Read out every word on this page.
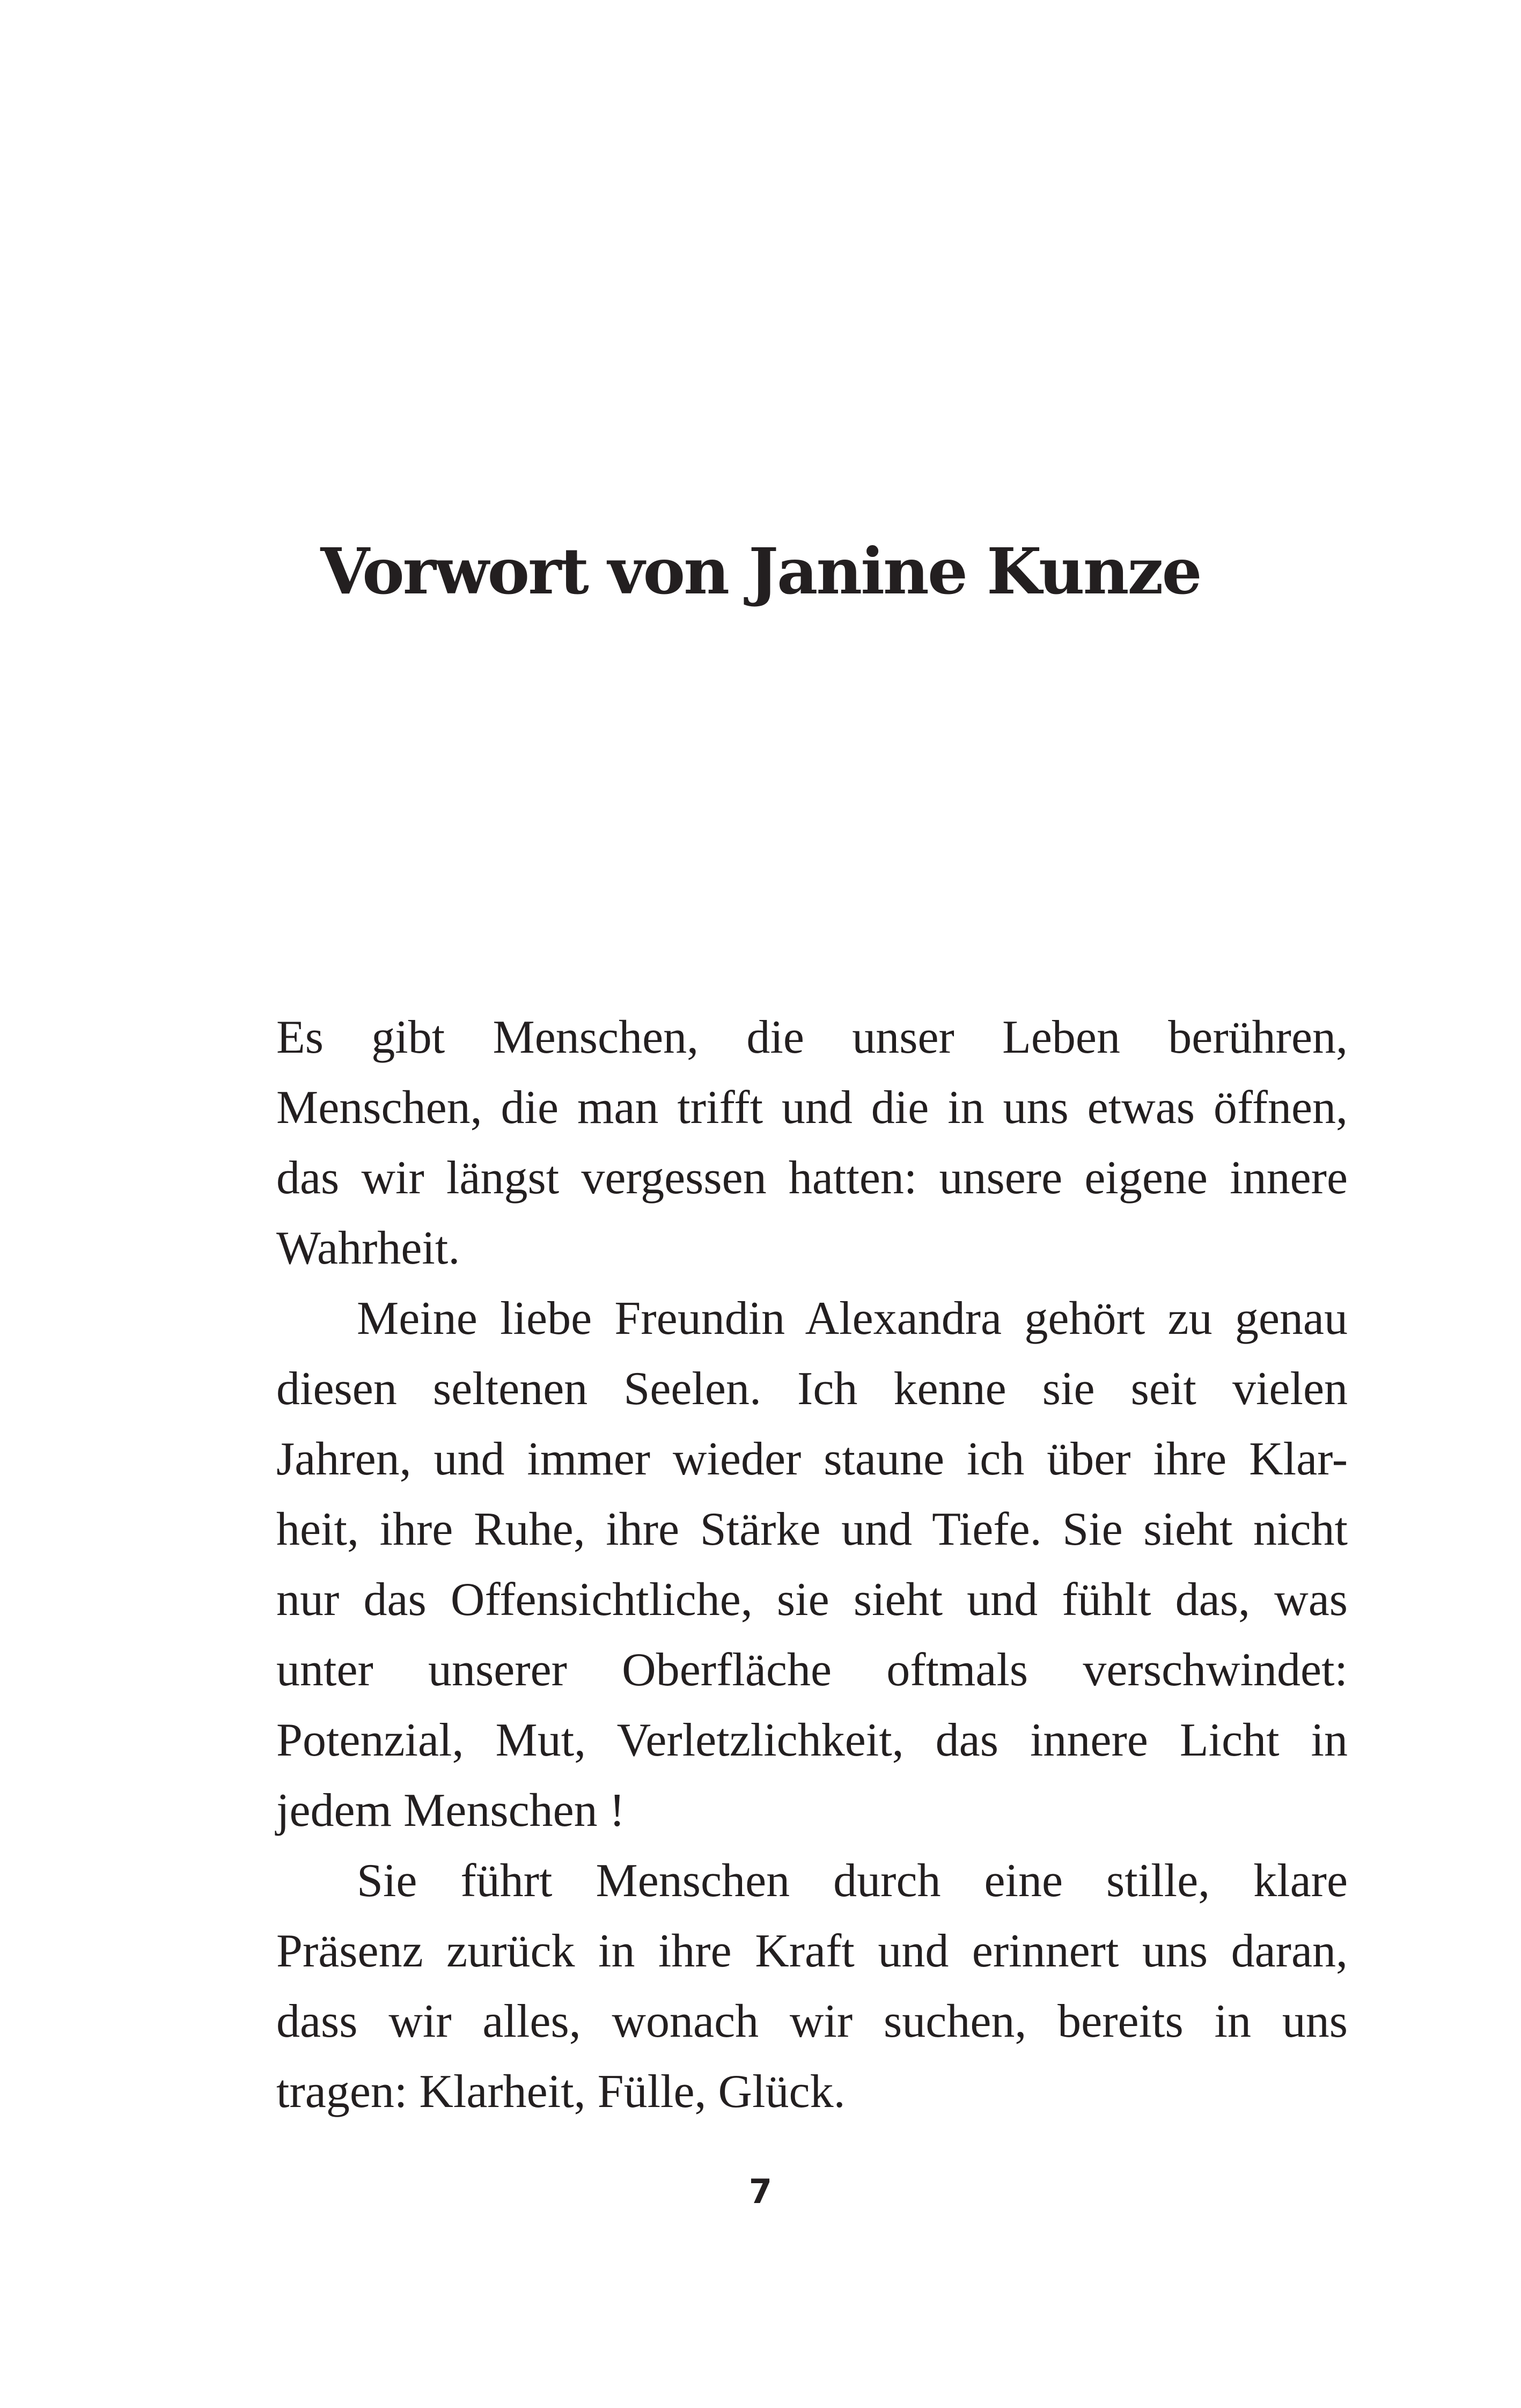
Vorwort von Janine Kunze

Es gibt Menschen, die unser Leben berühren,
Menschen, die man trifft und die in uns etwas öffnen,
das wir längst vergessen hatten: unsere eigene innere
Wahrheit.

Meine liebe Freundin Alexandra gehört zu genau
diesen seltenen Seelen. Ich kenne sie seit vielen
Jahren, und immer wieder staune ich über ihre Klar-
heit, ihre Ruhe, ihre Stärke und Tiefe. Sie sieht nicht
nur das Offensichtliche, sie sieht und fühlt das, was
unter unserer Oberfläche oftmals verschwindet:
Potenzial, Mut, Verletzlichkeit, das innere Licht in
jedem Menschen !

Sie führt Menschen durch eine stille, klare
Präsenz zurück in ihre Kraft und erinnert uns daran,
dass wir alles, wonach wir suchen, bereits in uns
tragen: Klarheit, Fülle, Glück.

7
